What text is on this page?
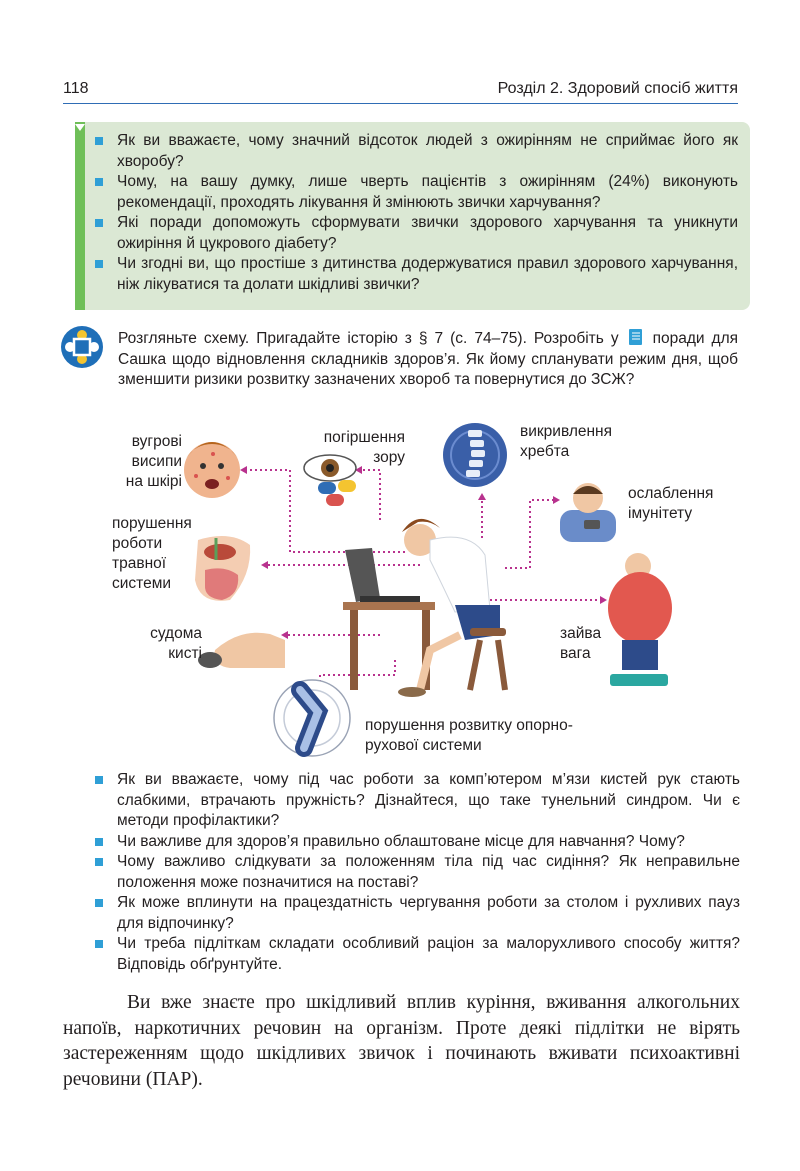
118	Розділ 2. Здоровий спосіб життя
Як ви вважаєте, чому значний відсоток людей з ожирінням не сприймає його як хворобу?
Чому, на вашу думку, лише чверть пацієнтів з ожирінням (24%) виконують рекомендації, проходять лікування й змінюють звички харчування?
Які поради допоможуть сформувати звички здорового харчування та уникнути ожиріння й цукрового діабету?
Чи згодні ви, що простіше з дитинства додержуватися правил здорового харчування, ніж лікуватися та долати шкідливі звички?
Розгляньте схему. Пригадайте історію з § 7 (с. 74–75). Розробіть у поради для Сашка щодо відновлення складників здоров’я. Як йому спланувати режим дня, щоб зменшити ризики розвитку зазначених хвороб та повернутися до ЗСЖ?
вугрові висипи на шкірі
погіршення зору
викривлення хребта
ослаблення імунітету
порушення роботи травної системи
судома кисті
зайва вага
порушення розвитку опорно-рухової системи
Як ви вважаєте, чому під час роботи за комп’ютером м’язи кистей рук стають слабкими, втрачають пружність? Дізнайтеся, що таке тунельний синдром. Чи є методи профілактики?
Чи важливе для здоров’я правильно облаштоване місце для навчання? Чому?
Чому важливо слідкувати за положенням тіла під час сидіння? Як неправильне положення може позначитися на поставі?
Як може вплинути на працездатність чергування роботи за столом і рухливих пауз для відпочинку?
Чи треба підліткам складати особливий раціон за малорухливого способу життя? Відповідь обґрунтуйте.
Ви вже знаєте про шкідливий вплив куріння, вживання алкогольних напоїв, наркотичних речовин на організм. Проте деякі підлітки не вірять застереженням щодо шкідливих звичок і починають вживати психоактивні речовини (ПАР).
